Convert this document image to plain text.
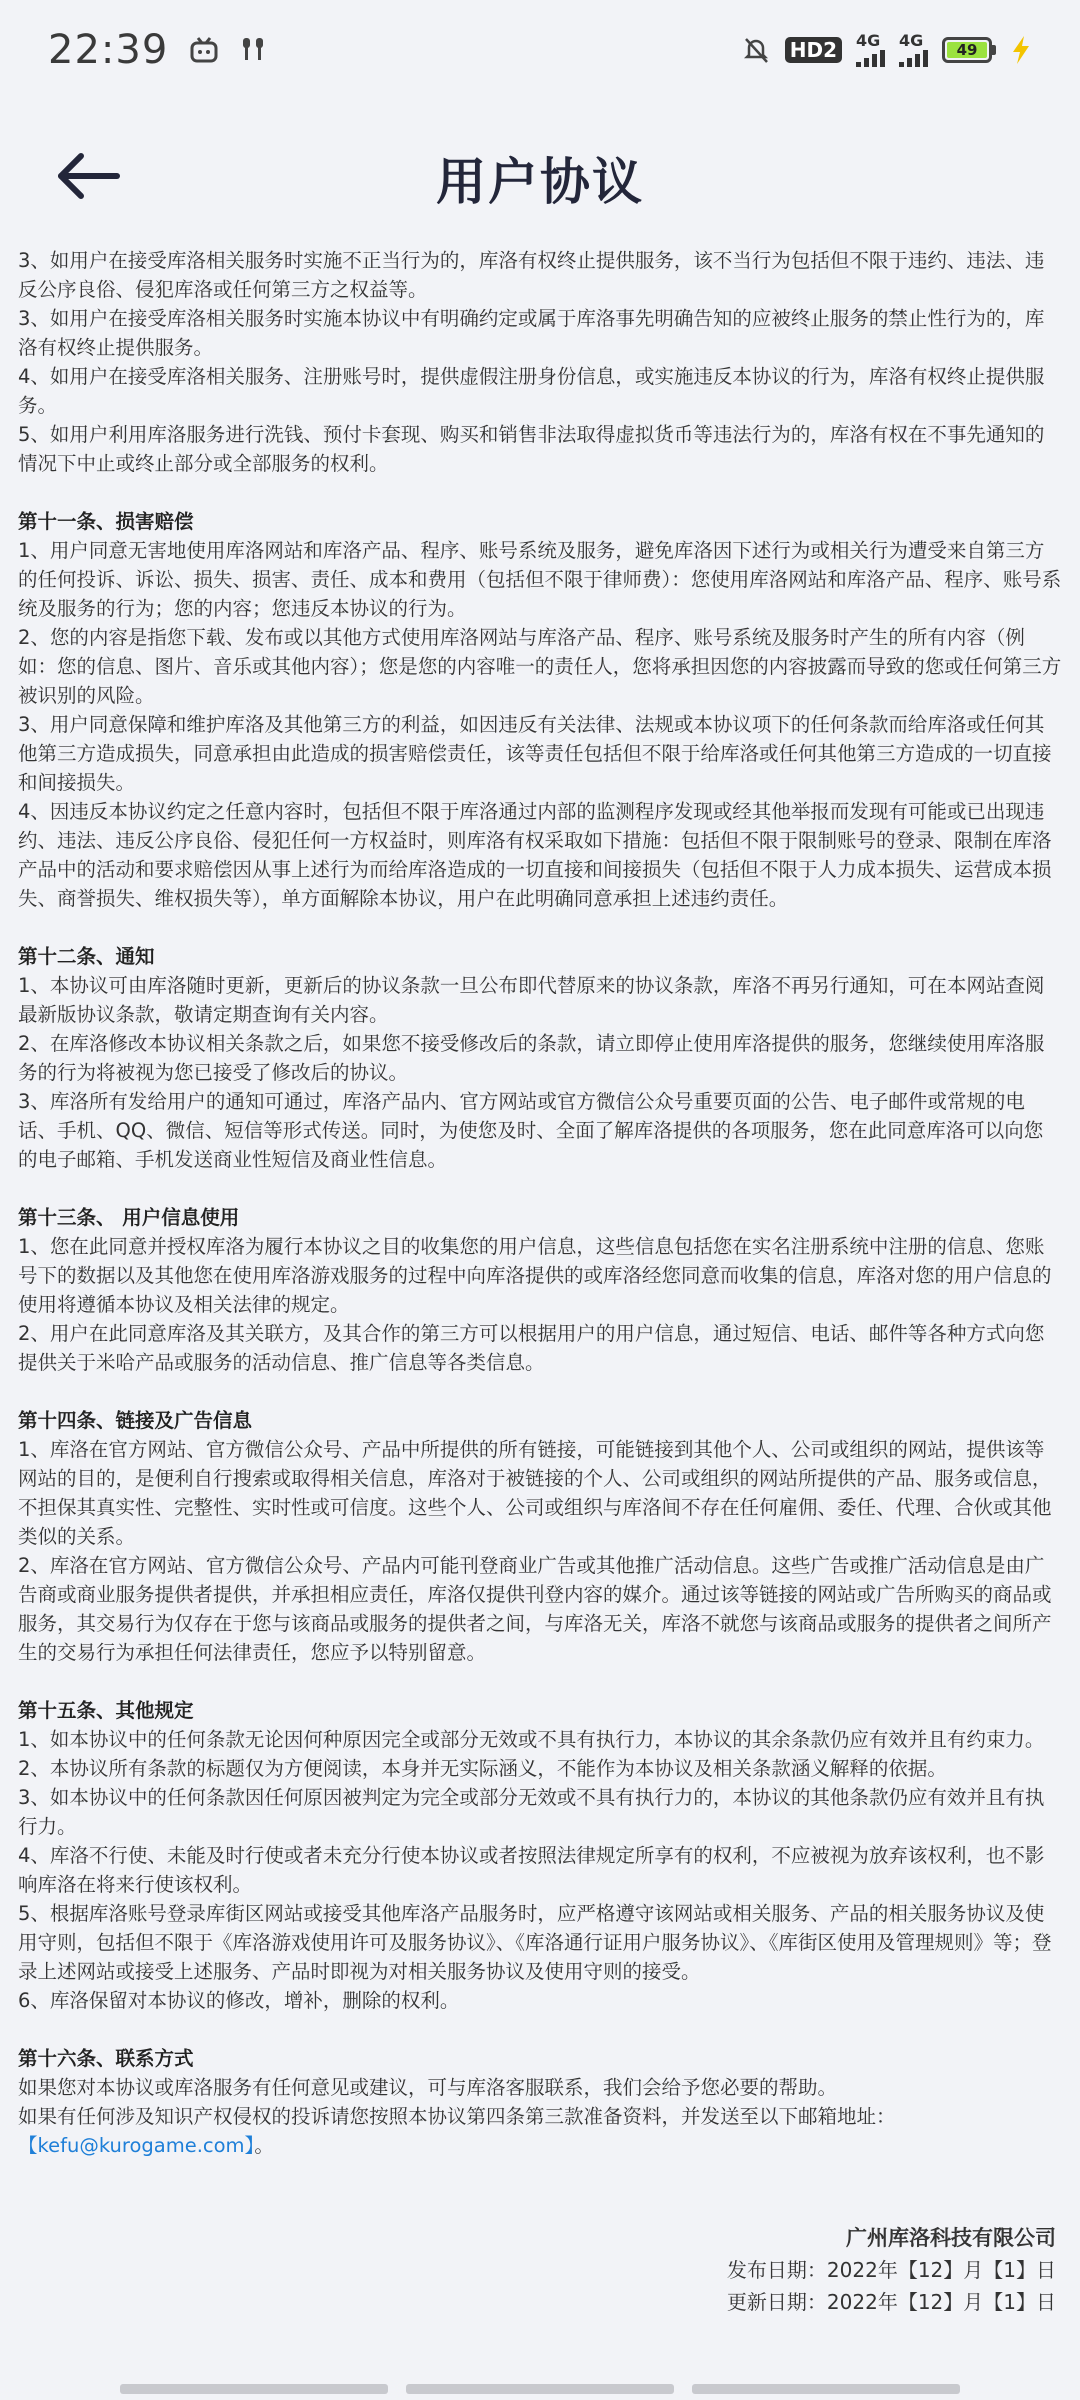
22:39	HD2	4G 4G	49
用户协议

3、如用户在接受库洛相关服务时实施不正当行为的，库洛有权终止提供服务，该不当行为包括但不限于违约、违法、违反公序良俗、侵犯库洛或任何第三方之权益等。

3、如用户在接受库洛相关服务时实施本协议中有明确约定或属于库洛事先明确告知的应被终止服务的禁止性行为的，库洛有权终止提供服务。

4、如用户在接受库洛相关服务、注册账号时，提供虚假注册身份信息，或实施违反本协议的行为，库洛有权终止提供服务。

5、如用户利用库洛服务进行洗钱、预付卡套现、购买和销售非法取得虚拟货币等违法行为的，库洛有权在不事先通知的情况下中止或终止部分或全部服务的权利。

第十一条、损害赔偿

1、用户同意无害地使用库洛网站和库洛产品、程序、账号系统及服务，避免库洛因下述行为或相关行为遭受来自第三方的任何投诉、诉讼、损失、损害、责任、成本和费用（包括但不限于律师费）：您使用库洛网站和库洛产品、程序、账号系统及服务的行为；您的内容；您违反本协议的行为。

2、您的内容是指您下载、发布或以其他方式使用库洛网站与库洛产品、程序、账号系统及服务时产生的所有内容（例如：您的信息、图片、音乐或其他内容）；您是您的内容唯一的责任人，您将承担因您的内容披露而导致的您或任何第三方被识别的风险。

3、用户同意保障和维护库洛及其他第三方的利益，如因违反有关法律、法规或本协议项下的任何条款而给库洛或任何其他第三方造成损失，同意承担由此造成的损害赔偿责任，该等责任包括但不限于给库洛或任何其他第三方造成的一切直接和间接损失。

4、因违反本协议约定之任意内容时，包括但不限于库洛通过内部的监测程序发现或经其他举报而发现有可能或已出现违约、违法、违反公序良俗、侵犯任何一方权益时，则库洛有权采取如下措施：包括但不限于限制账号的登录、限制在库洛产品中的活动和要求赔偿因从事上述行为而给库洛造成的一切直接和间接损失（包括但不限于人力成本损失、运营成本损失、商誉损失、维权损失等），单方面解除本协议，用户在此明确同意承担上述违约责任。

第十二条、通知

1、本协议可由库洛随时更新，更新后的协议条款一旦公布即代替原来的协议条款，库洛不再另行通知，可在本网站查阅最新版协议条款，敬请定期查询有关内容。

2、在库洛修改本协议相关条款之后，如果您不接受修改后的条款，请立即停止使用库洛提供的服务，您继续使用库洛服务的行为将被视为您已接受了修改后的协议。

3、库洛所有发给用户的通知可通过，库洛产品内、官方网站或官方微信公众号重要页面的公告、电子邮件或常规的电话、手机、QQ、微信、短信等形式传送。同时，为使您及时、全面了解库洛提供的各项服务，您在此同意库洛可以向您的电子邮箱、手机发送商业性短信及商业性信息。

第十三条、 用户信息使用

1、您在此同意并授权库洛为履行本协议之目的收集您的用户信息，这些信息包括您在实名注册系统中注册的信息、您账号下的数据以及其他您在使用库洛游戏服务的过程中向库洛提供的或库洛经您同意而收集的信息，库洛对您的用户信息的使用将遵循本协议及相关法律的规定。

2、用户在此同意库洛及其关联方，及其合作的第三方可以根据用户的用户信息，通过短信、电话、邮件等各种方式向您提供关于米哈产品或服务的活动信息、推广信息等各类信息。

第十四条、链接及广告信息

1、库洛在官方网站、官方微信公众号、产品中所提供的所有链接，可能链接到其他个人、公司或组织的网站，提供该等网站的目的，是便利自行搜索或取得相关信息，库洛对于被链接的个人、公司或组织的网站所提供的产品、服务或信息，不担保其真实性、完整性、实时性或可信度。这些个人、公司或组织与库洛间不存在任何雇佣、委任、代理、合伙或其他类似的关系。

2、库洛在官方网站、官方微信公众号、产品内可能刊登商业广告或其他推广活动信息。这些广告或推广活动信息是由广告商或商业服务提供者提供，并承担相应责任，库洛仅提供刊登内容的媒介。通过该等链接的网站或广告所购买的商品或服务，其交易行为仅存在于您与该商品或服务的提供者之间，与库洛无关，库洛不就您与该商品或服务的提供者之间所产生的交易行为承担任何法律责任，您应予以特别留意。

第十五条、其他规定

1、如本协议中的任何条款无论因何种原因完全或部分无效或不具有执行力，本协议的其余条款仍应有效并且有约束力。

2、本协议所有条款的标题仅为方便阅读，本身并无实际涵义，不能作为本协议及相关条款涵义解释的依据。

3、如本协议中的任何条款因任何原因被判定为完全或部分无效或不具有执行力的，本协议的其他条款仍应有效并且有执行力。

4、库洛不行使、未能及时行使或者未充分行使本协议或者按照法律规定所享有的权利，不应被视为放弃该权利，也不影响库洛在将来行使该权利。

5、根据库洛账号登录库街区网站或接受其他库洛产品服务时，应严格遵守该网站或相关服务、产品的相关服务协议及使用守则，包括但不限于《库洛游戏使用许可及服务协议》、《库洛通行证用户服务协议》、《库街区使用及管理规则》等；登录上述网站或接受上述服务、产品时即视为对相关服务协议及使用守则的接受。

6、库洛保留对本协议的修改，增补，删除的权利。

第十六条、联系方式

如果您对本协议或库洛服务有任何意见或建议，可与库洛客服联系，我们会给予您必要的帮助。

如果有任何涉及知识产权侵权的投诉请您按照本协议第四条第三款准备资料，并发送至以下邮箱地址：

【kefu@kurogame.com】。

广州库洛科技有限公司

发布日期：2022年【12】月【1】日

更新日期：2022年【12】月【1】日
